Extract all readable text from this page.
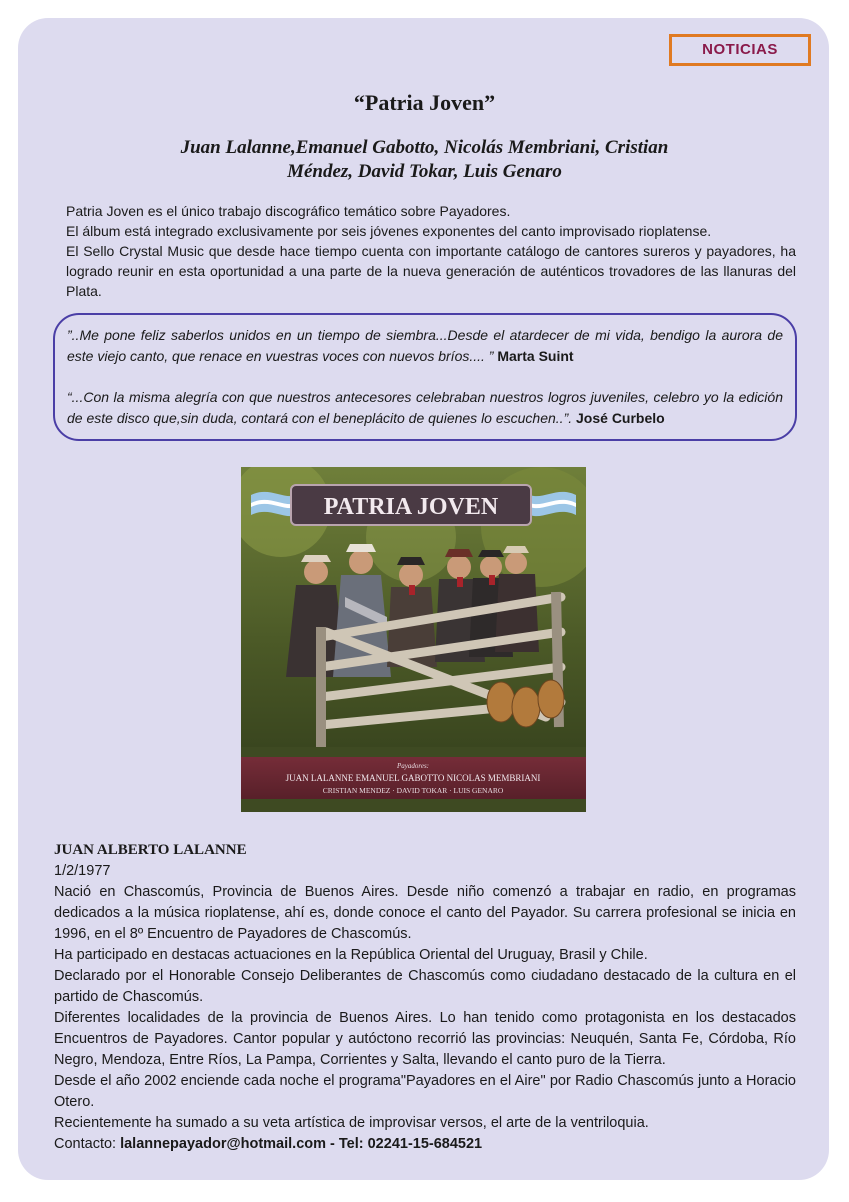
NOTICIAS
“Patria Joven”
Juan Lalanne,Emanuel Gabotto, Nicolás Membriani, Cristian
Méndez, David Tokar, Luis Genaro

Patria Joven es el único trabajo discográfico temático sobre Payadores.

El álbum está integrado exclusivamente por seis jóvenes exponentes del canto improvisado rioplatense.

El Sello Crystal Music que desde hace tiempo cuenta con importante catálogo de cantores sureros y payadores, ha logrado reunir en esta oportunidad a una parte de la nueva generación de auténticos trovadores de las llanuras del Plata.

”..Me pone feliz saberlos unidos en un tiempo de siembra...Desde el atardecer de mi vida, bendigo la aurora de este viejo canto, que renace en vuestras voces con nuevos bríos.... ” Marta Suint
“...Con la misma alegría con que nuestros antecesores celebraban nuestros logros juveniles, celebro yo la edición de este disco que,sin duda, contará con el beneplácito de quienes lo escuchen..”. José Curbelo
PATRIA JOVEN
Payadores:
JUAN LALANNE EMANUEL GABOTTO NICOLAS MEMBRIANI
CRISTIAN MENDEZ · DAVID TOKAR · LUIS GENARO

JUAN ALBERTO LALANNE

1/2/1977

Nació en Chascomús, Provincia de Buenos Aires. Desde niño comenzó a trabajar en radio, en programas dedicados a la música rioplatense, ahí es, donde conoce el canto del Payador. Su carrera profesional se inicia en 1996, en el 8º Encuentro de Payadores de Chascomús.

Ha participado en destacas actuaciones en la República Oriental del Uruguay, Brasil y Chile.

Declarado por el Honorable Consejo Deliberantes de Chascomús como ciudadano destacado de la cultura en el partido de Chascomús.

Diferentes localidades de la provincia de Buenos Aires. Lo han tenido como protagonista en los destacados Encuentros de Payadores. Cantor popular y autóctono recorrió las provincias: Neuquén, Santa Fe, Córdoba, Río Negro, Mendoza, Entre Ríos, La Pampa, Corrientes y Salta, llevando el canto puro de la Tierra.

Desde el año 2002 enciende cada noche el programa"Payadores en el Aire" por Radio Chascomús junto a Horacio Otero.

Recientemente ha sumado a su veta artística de improvisar versos, el arte de la ventriloquia.

Contacto: lalannepayador@hotmail.com - Tel: 02241-15-684521
